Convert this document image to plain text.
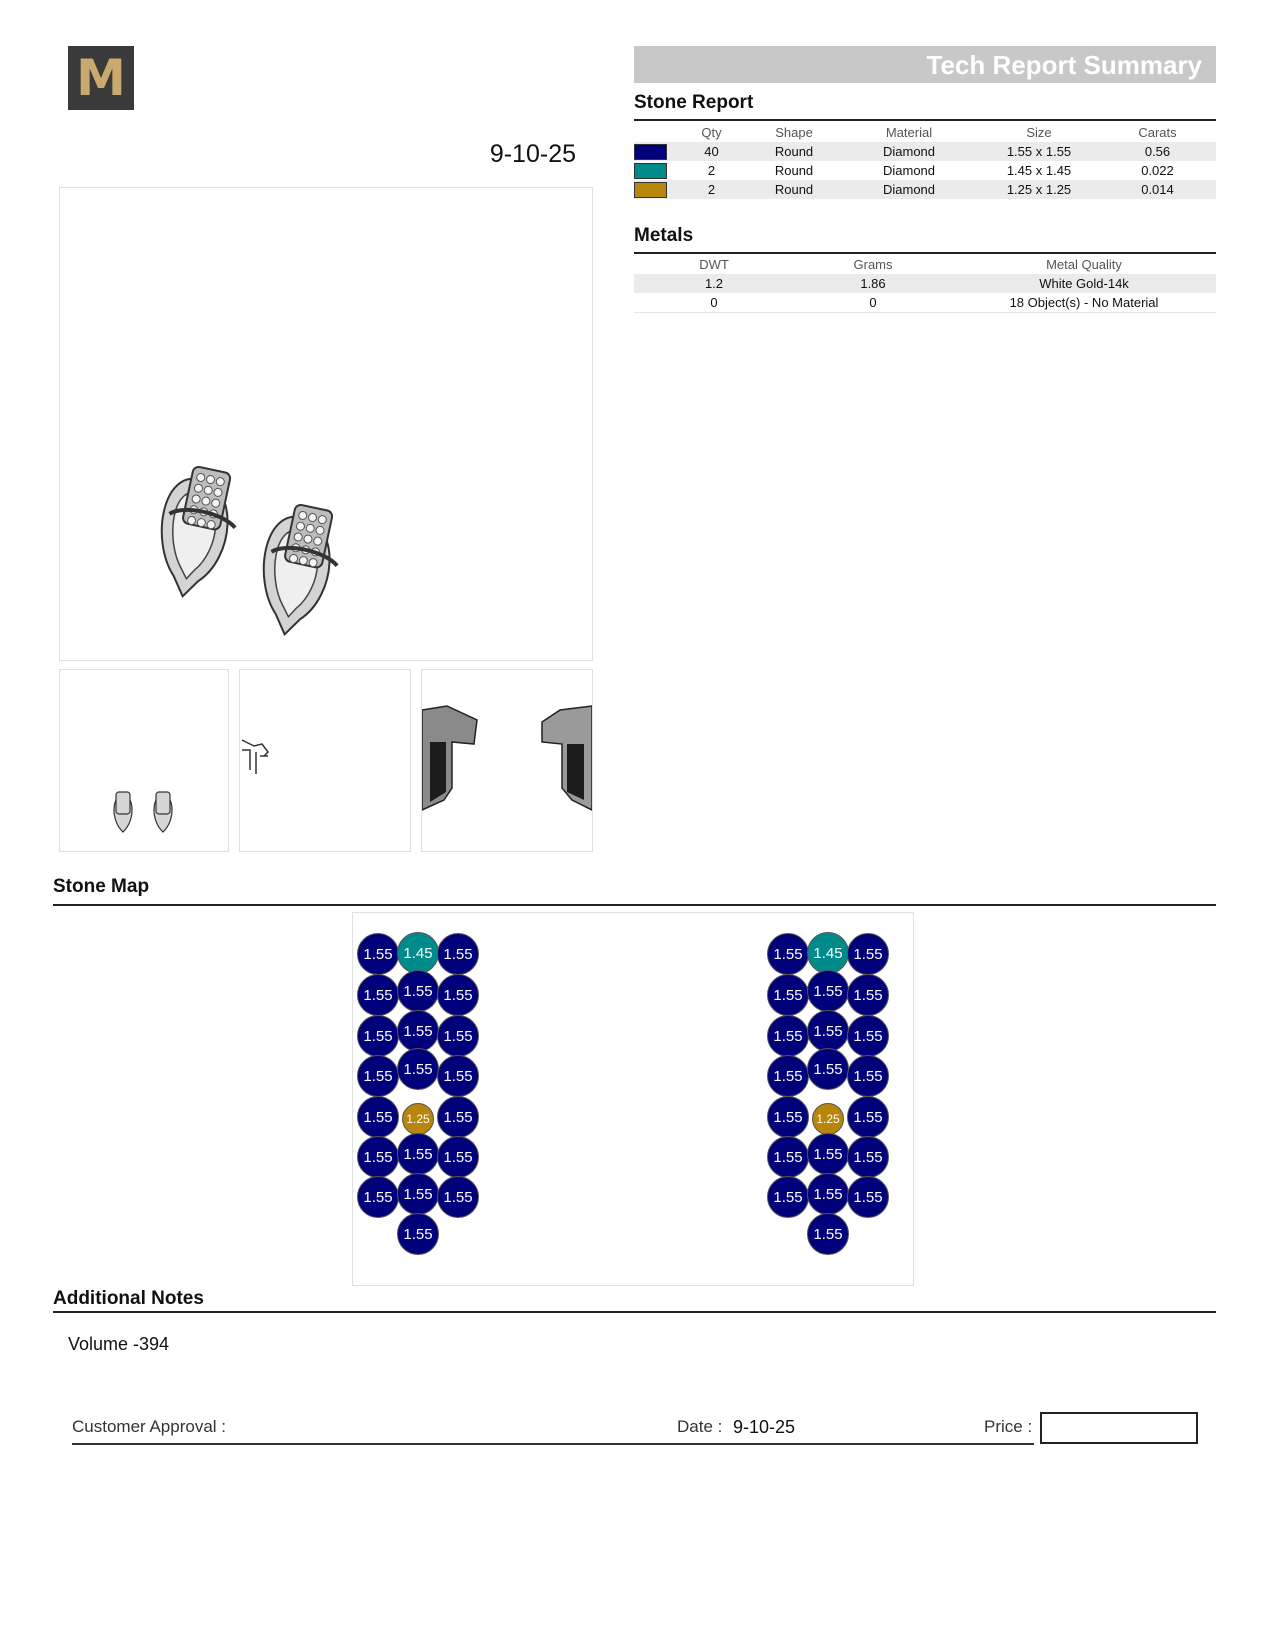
M
9-10-25
Tech Report Summary
Stone Report
	Qty	Shape	Material	Size	Carats
	40	Round	Diamond	1.55 x 1.55	0.56
	2	Round	Diamond	1.45 x 1.45	0.022
	2	Round	Diamond	1.25 x 1.25	0.014
Metals
DWT	Grams	Metal Quality
1.2	1.86	White Gold-14k
0	0	18 Object(s) - No Material
Stone Map
1.55 1.45 1.55
1.55 1.55 1.55
1.55 1.55 1.55
1.55 1.55 1.55
1.55	1.25 1.55
1.55 1.55 1.55
1.55 1.55 1.55
1.55
1.55 1.45 1.55
1.55 1.55 1.55
1.55 1.55 1.55
1.55 1.55 1.55
1.55	1.25 1.55
1.55 1.55 1.55
1.55 1.55 1.55
1.55
Additional Notes
Volume -394
Customer Approval :	Date : 9-10-25	Price :
